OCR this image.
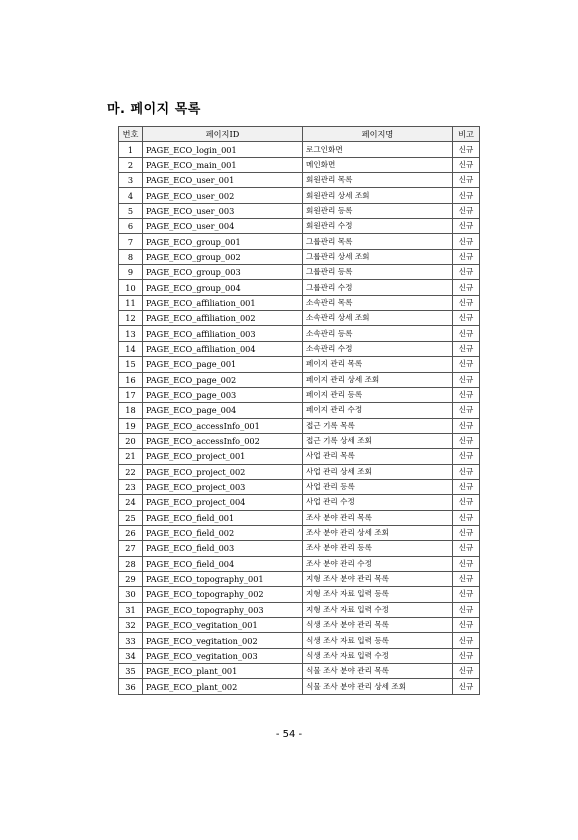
마. 페이지 목록
번호	페이지ID	페이지명	비고
1	PAGE_ECO_login_001	로그인화면	신규
2	PAGE_ECO_main_001	메인화면	신규
3	PAGE_ECO_user_001	회원관리 목록	신규
4	PAGE_ECO_user_002	회원관리 상세 조회	신규
5	PAGE_ECO_user_003	회원관리 등록	신규
6	PAGE_ECO_user_004	회원관리 수정	신규
7	PAGE_ECO_group_001	그룹관리 목록	신규
8	PAGE_ECO_group_002	그룹관리 상세 조회	신규
9	PAGE_ECO_group_003	그룹관리 등록	신규
10	PAGE_ECO_group_004	그룹관리 수정	신규
11	PAGE_ECO_affiliation_001	소속관리 목록	신규
12	PAGE_ECO_affiliation_002	소속관리 상세 조회	신규
13	PAGE_ECO_affiliation_003	소속관리 등록	신규
14	PAGE_ECO_affiliation_004	소속관리 수정	신규
15	PAGE_ECO_page_001	페이지 관리 목록	신규
16	PAGE_ECO_page_002	페이지 관리 상세 조회	신규
17	PAGE_ECO_page_003	페이지 관리 등록	신규
18	PAGE_ECO_page_004	페이지 관리 수정	신규
19	PAGE_ECO_accessInfo_001	접근 기록 목록	신규
20	PAGE_ECO_accessInfo_002	접근 기록 상세 조회	신규
21	PAGE_ECO_project_001	사업 관리 목록	신규
22	PAGE_ECO_project_002	사업 관리 상세 조회	신규
23	PAGE_ECO_project_003	사업 관리 등록	신규
24	PAGE_ECO_project_004	사업 관리 수정	신규
25	PAGE_ECO_field_001	조사 분야 관리 목록	신규
26	PAGE_ECO_field_002	조사 분야 관리 상세 조회	신규
27	PAGE_ECO_field_003	조사 분야 관리 등록	신규
28	PAGE_ECO_field_004	조사 분야 관리 수정	신규
29	PAGE_ECO_topography_001	지형 조사 분야 관리 목록	신규
30	PAGE_ECO_topography_002	지형 조사 자료 입력 등록	신규
31	PAGE_ECO_topography_003	지형 조사 자료 입력 수정	신규
32	PAGE_ECO_vegitation_001	식생 조사 분야 관리 목록	신규
33	PAGE_ECO_vegitation_002	식생 조사 자료 입력 등록	신규
34	PAGE_ECO_vegitation_003	식생 조사 자료 입력 수정	신규
35	PAGE_ECO_plant_001	식물 조사 분야 관리 목록	신규
36	PAGE_ECO_plant_002	식물 조사 분야 관리 상세 조회	신규
- 54 -
